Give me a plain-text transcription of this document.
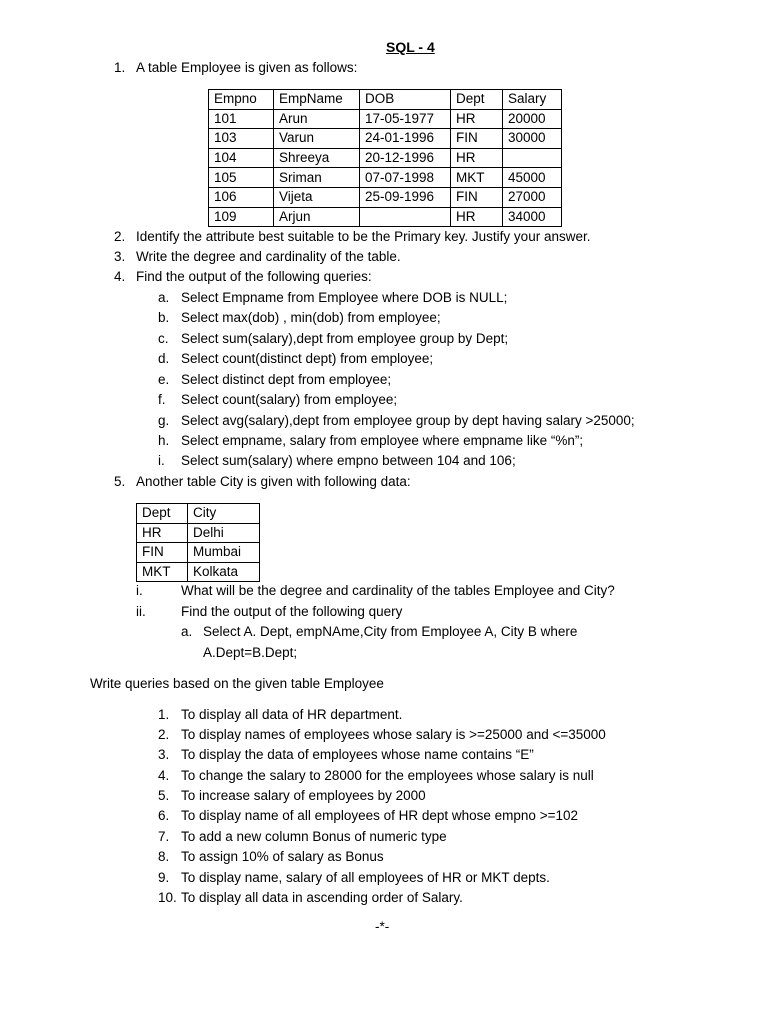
SQL - 4
1. A table Employee is given as follows:
Empno	EmpName	DOB	Dept	Salary
101	Arun	17-05-1977	HR	20000
103	Varun	24-01-1996	FIN	30000
104	Shreeya	20-12-1996	HR	
105	Sriman	07-07-1998	MKT	45000
106	Vijeta	25-09-1996	FIN	27000
109	Arjun		HR	34000
2. Identify the attribute best suitable to be the Primary key. Justify your answer.
3. Write the degree and cardinality of the table.
4. Find the output of the following queries:
a. Select Empname from Employee where DOB is NULL;
b. Select max(dob) , min(dob) from employee;
c. Select sum(salary),dept from employee group by Dept;
d. Select count(distinct dept) from employee;
e. Select distinct dept from employee;
f. Select count(salary) from employee;
g. Select avg(salary),dept from employee group by dept having salary >25000;
h. Select empname, salary from employee where empname like “%n”;
i. Select sum(salary) where empno between 104 and 106;
5. Another table City is given with following data:
Dept	City
HR	Delhi
FIN	Mumbai
MKT	Kolkata
i.	What will be the degree and cardinality of the tables Employee and City?
ii.	Find the output of the following query
a. Select A. Dept, empNAme,City from Employee A, City B where
A.Dept=B.Dept;
Write queries based on the given table Employee
1. To display all data of HR department.
2. To display names of employees whose salary is >=25000 and <=35000
3. To display the data of employees whose name contains “E”
4. To change the salary to 28000 for the employees whose salary is null
5. To increase salary of employees by 2000
6. To display name of all employees of HR dept whose empno >=102
7. To add a new column Bonus of numeric type
8. To assign 10% of salary as Bonus
9. To display name, salary of all employees of HR or MKT depts.
10. To display all data in ascending order of Salary.
-*-
